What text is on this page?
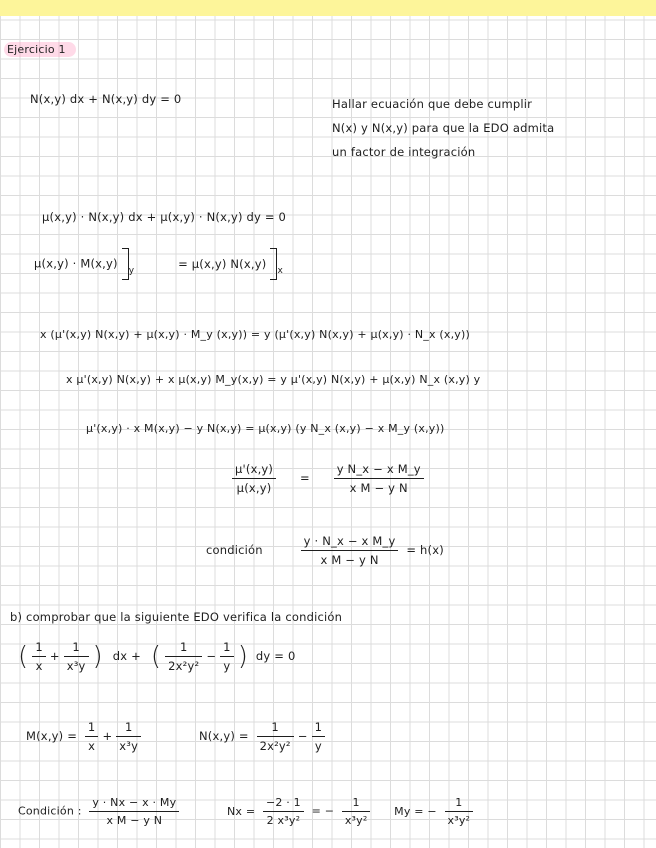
Ejercicio 1
N(x,y) dx + N(x,y) dy = 0	Hallar ecuación que debe cumplir
N(x) y N(x,y) para que la EDO admita
un factor de integración
μ(x,y) · N(x,y) dx + μ(x,y) · N(x,y) dy = 0
μ(x,y) · M(x,y) $_y$	= μ(x,y) N(x,y) $_x$
x (μ'(x,y) N(x,y) + μ(x,y) · M_y (x,y)) = y (μ'(x,y) N(x,y) + μ(x,y) · N_x (x,y))
x μ'(x,y) N(x,y) + x μ(x,y) M_y(x,y) = y μ'(x,y) N(x,y) + μ(x,y) N_x (x,y) y
μ'(x,y) · x M(x,y) − y N(x,y) = μ(x,y) (y N_x (x,y) − x M_y (x,y))
$\frac{\mu'(x,y)}{\mu(x,y)} = \frac{\text{y N\_x − x M\_y}}{\text{x M − y N}}$
condición	$\frac{\text{y · N\_x − x M\_y}}{\text{x M − y N}} = h(x)$
b) comprobar que la siguiente EDO verifica la condición
( $\frac{1}{x} + \frac{1}{\text{x³y}}$ ) dx + ( $\frac{1}{\text{2x²y²}} - \frac{1}{y}$ ) dy = 0
$M(x,y) = \frac{1}{x} + \frac{1}{\text{x³y}}$	$N(x,y) = \frac{1}{\text{2x²y²}} - \frac{1}{y}$
Condición : $\frac{y \cdot Nx - x \cdot My}{\text{x M − y N}}$	$Nx = \frac{-2 \cdot 1}{\text{2 x³y²}}$ = − $\frac{1}{\text{x³y²}}$ My = − $\frac{1}{\text{x³y²}}$
